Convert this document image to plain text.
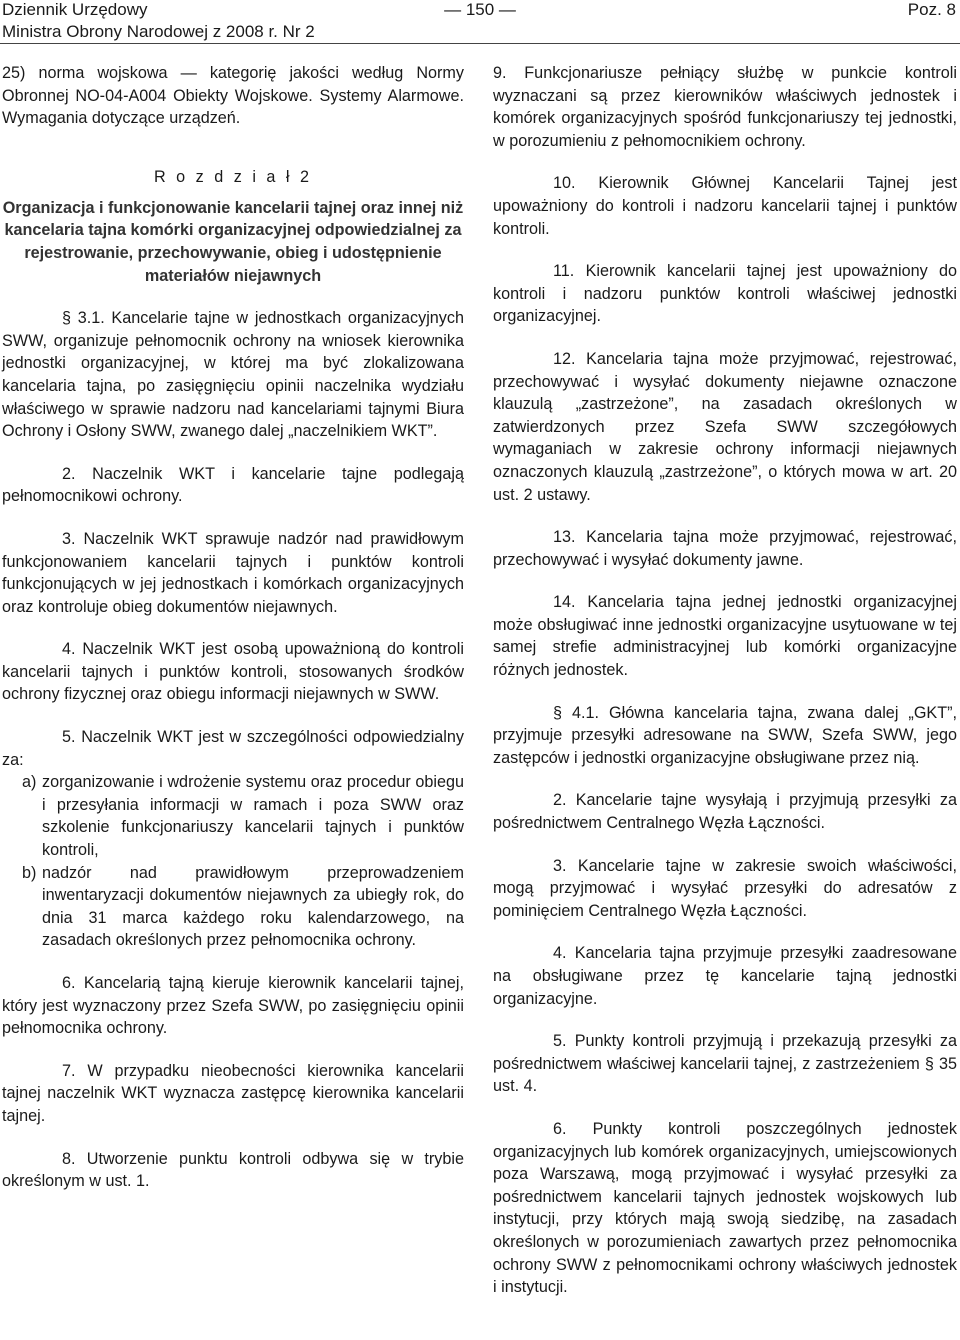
Dziennik Urzędowy
Ministra Obrony Narodowej z 2008 r. Nr 2
— 150 —	Poz. 8

25) norma wojskowa — kategorię jakości według Normy Obronnej NO-04-A004 Obiekty Wojskowe. Systemy Alarmowe. Wymagania dotyczące urządzeń.

R o z d z i a ł 2
Organizacja i funkcjonowanie kancelarii tajnej oraz innej niż kancelaria tajna komórki organizacyjnej odpowiedzialnej za rejestrowanie, przechowywanie, obieg i udostępnienie materiałów niejawnych

§ 3.1. Kancelarie tajne w jednostkach organizacyjnych SWW, organizuje pełnomocnik ochrony na wniosek kierownika jednostki organizacyjnej, w której ma być zlokalizowana kancelaria tajna, po zasięgnięciu opinii naczelnika wydziału właściwego w sprawie nadzoru nad kancelariami tajnymi Biura Ochrony i Osłony SWW, zwanego dalej „naczelnikiem WKT”.

2. Naczelnik WKT i kancelarie tajne podlegają pełnomocnikowi ochrony.

3. Naczelnik WKT sprawuje nadzór nad prawidłowym funkcjonowaniem kancelarii tajnych i punktów kontroli funkcjonujących w jej jednostkach i komórkach organizacyjnych oraz kontroluje obieg dokumentów niejawnych.

4. Naczelnik WKT jest osobą upoważnioną do kontroli kancelarii tajnych i punktów kontroli, stosowanych środków ochrony fizycznej oraz obiegu informacji niejawnych w SWW.

5. Naczelnik WKT jest w szczególności odpowiedzialny za:

a) zorganizowanie i wdrożenie systemu oraz procedur obiegu i przesyłania informacji w ramach i poza SWW oraz szkolenie funkcjonariuszy kancelarii tajnych i punktów kontroli,
b) nadzór nad prawidłowym przeprowadzeniem inwentaryzacji dokumentów niejawnych za ubiegły rok, do dnia 31 marca każdego roku kalendarzowego, na zasadach określonych przez pełnomocnika ochrony.

6. Kancelarią tajną kieruje kierownik kancelarii tajnej, który jest wyznaczony przez Szefa SWW, po zasięgnięciu opinii pełnomocnika ochrony.

7. W przypadku nieobecności kierownika kancelarii tajnej naczelnik WKT wyznacza zastępcę kierownika kancelarii tajnej.

8. Utworzenie punktu kontroli odbywa się w trybie określonym w ust. 1.

9. Funkcjonariusze pełniący służbę w punkcie kontroli wyznaczani są przez kierowników właściwych jednostek i komórek organizacyjnych spośród funkcjonariuszy tej jednostki, w porozumieniu z pełnomocnikiem ochrony.

10. Kierownik Głównej Kancelarii Tajnej jest upoważniony do kontroli i nadzoru kancelarii tajnej i punktów kontroli.

11. Kierownik kancelarii tajnej jest upoważniony do kontroli i nadzoru punktów kontroli właściwej jednostki organizacyjnej.

12. Kancelaria tajna może przyjmować, rejestrować, przechowywać i wysyłać dokumenty niejawne oznaczone klauzulą „zastrzeżone”, na zasadach określonych w zatwierdzonych przez Szefa SWW szczegółowych wymaganiach w zakresie ochrony informacji niejawnych oznaczonych klauzulą „zastrzeżone”, o których mowa w art. 20 ust. 2 ustawy.

13. Kancelaria tajna może przyjmować, rejestrować, przechowywać i wysyłać dokumenty jawne.

14. Kancelaria tajna jednej jednostki organizacyjnej może obsługiwać inne jednostki organizacyjne usytuowane w tej samej strefie administracyjnej lub komórki organizacyjne różnych jednostek.

§ 4.1. Główna kancelaria tajna, zwana dalej „GKT”, przyjmuje przesyłki adresowane na SWW, Szefa SWW, jego zastępców i jednostki organizacyjne obsługiwane przez nią.

2. Kancelarie tajne wysyłają i przyjmują przesyłki za pośrednictwem Centralnego Węzła Łączności.

3. Kancelarie tajne w zakresie swoich właściwości, mogą przyjmować i wysyłać przesyłki do adresatów z pominięciem Centralnego Węzła Łączności.

4. Kancelaria tajna przyjmuje przesyłki zaadresowane na obsługiwane przez tę kancelarie tajną jednostki organizacyjne.

5. Punkty kontroli przyjmują i przekazują przesyłki za pośrednictwem właściwej kancelarii tajnej, z zastrzeżeniem § 35 ust. 4.

6. Punkty kontroli poszczególnych jednostek organizacyjnych lub komórek organizacyjnych, umiejscowionych poza Warszawą, mogą przyjmować i wysyłać przesyłki za pośrednictwem kancelarii tajnych jednostek wojskowych lub instytucji, przy których mają swoją siedzibę, na zasadach określonych w porozumieniach zawartych przez pełnomocnika ochrony SWW z pełnomocnikami ochrony właściwych jednostek i instytucji.
